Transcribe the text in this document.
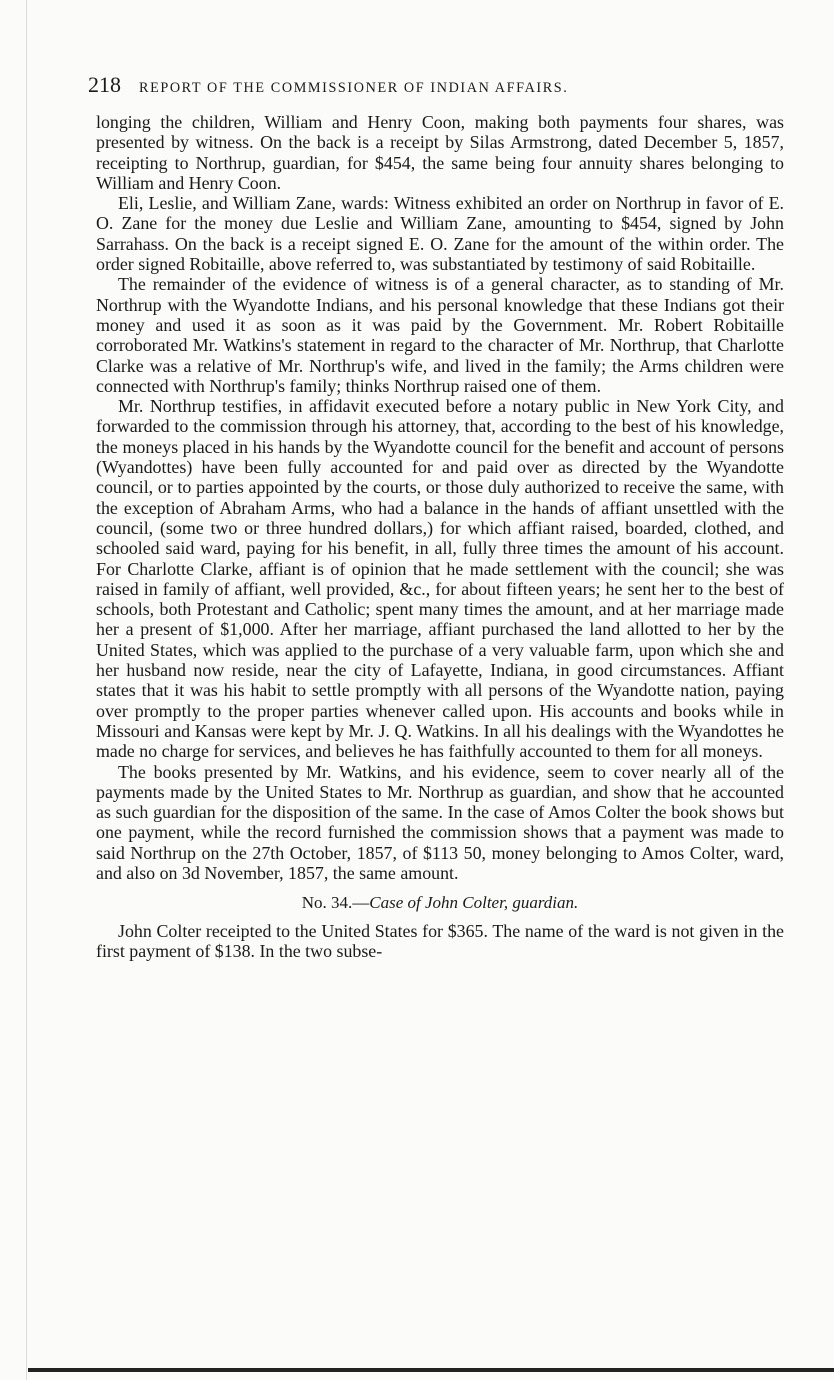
218 REPORT OF THE COMMISSIONER OF INDIAN AFFAIRS.

longing the children, William and Henry Coon, making both payments four shares, was presented by witness. On the back is a receipt by Silas Armstrong, dated December 5, 1857, receipting to Northrup, guardian, for $454, the same being four annuity shares belonging to William and Henry Coon.

Eli, Leslie, and William Zane, wards: Witness exhibited an order on Northrup in favor of E. O. Zane for the money due Leslie and William Zane, amounting to $454, signed by John Sarrahass. On the back is a receipt signed E. O. Zane for the amount of the within order. The order signed Robitaille, above referred to, was substantiated by testimony of said Robitaille.

The remainder of the evidence of witness is of a general character, as to standing of Mr. Northrup with the Wyandotte Indians, and his personal knowledge that these Indians got their money and used it as soon as it was paid by the Government. Mr. Robert Robitaille corroborated Mr. Watkins's statement in regard to the character of Mr. Northrup, that Charlotte Clarke was a relative of Mr. Northrup's wife, and lived in the family; the Arms children were connected with Northrup's family; thinks Northrup raised one of them.

Mr. Northrup testifies, in affidavit executed before a notary public in New York City, and forwarded to the commission through his attorney, that, according to the best of his knowledge, the moneys placed in his hands by the Wyandotte council for the benefit and account of persons (Wyandottes) have been fully accounted for and paid over as directed by the Wyandotte council, or to parties appointed by the courts, or those duly authorized to receive the same, with the exception of Abraham Arms, who had a balance in the hands of affiant unsettled with the council, (some two or three hundred dollars,) for which affiant raised, boarded, clothed, and schooled said ward, paying for his benefit, in all, fully three times the amount of his account. For Charlotte Clarke, affiant is of opinion that he made settlement with the council; she was raised in family of affiant, well provided, &c., for about fifteen years; he sent her to the best of schools, both Protestant and Catholic; spent many times the amount, and at her marriage made her a present of $1,000. After her marriage, affiant purchased the land allotted to her by the United States, which was applied to the purchase of a very valuable farm, upon which she and her husband now reside, near the city of Lafayette, Indiana, in good circumstances. Affiant states that it was his habit to settle promptly with all persons of the Wyandotte nation, paying over promptly to the proper parties whenever called upon. His accounts and books while in Missouri and Kansas were kept by Mr. J. Q. Watkins. In all his dealings with the Wyandottes he made no charge for services, and believes he has faithfully accounted to them for all moneys.

The books presented by Mr. Watkins, and his evidence, seem to cover nearly all of the payments made by the United States to Mr. Northrup as guardian, and show that he accounted as such guardian for the disposition of the same. In the case of Amos Colter the book shows but one payment, while the record furnished the commission shows that a payment was made to said Northrup on the 27th October, 1857, of $113 50, money belonging to Amos Colter, ward, and also on 3d November, 1857, the same amount.

No. 34.—Case of John Colter, guardian.

John Colter receipted to the United States for $365. The name of the ward is not given in the first payment of $138. In the two subse-
